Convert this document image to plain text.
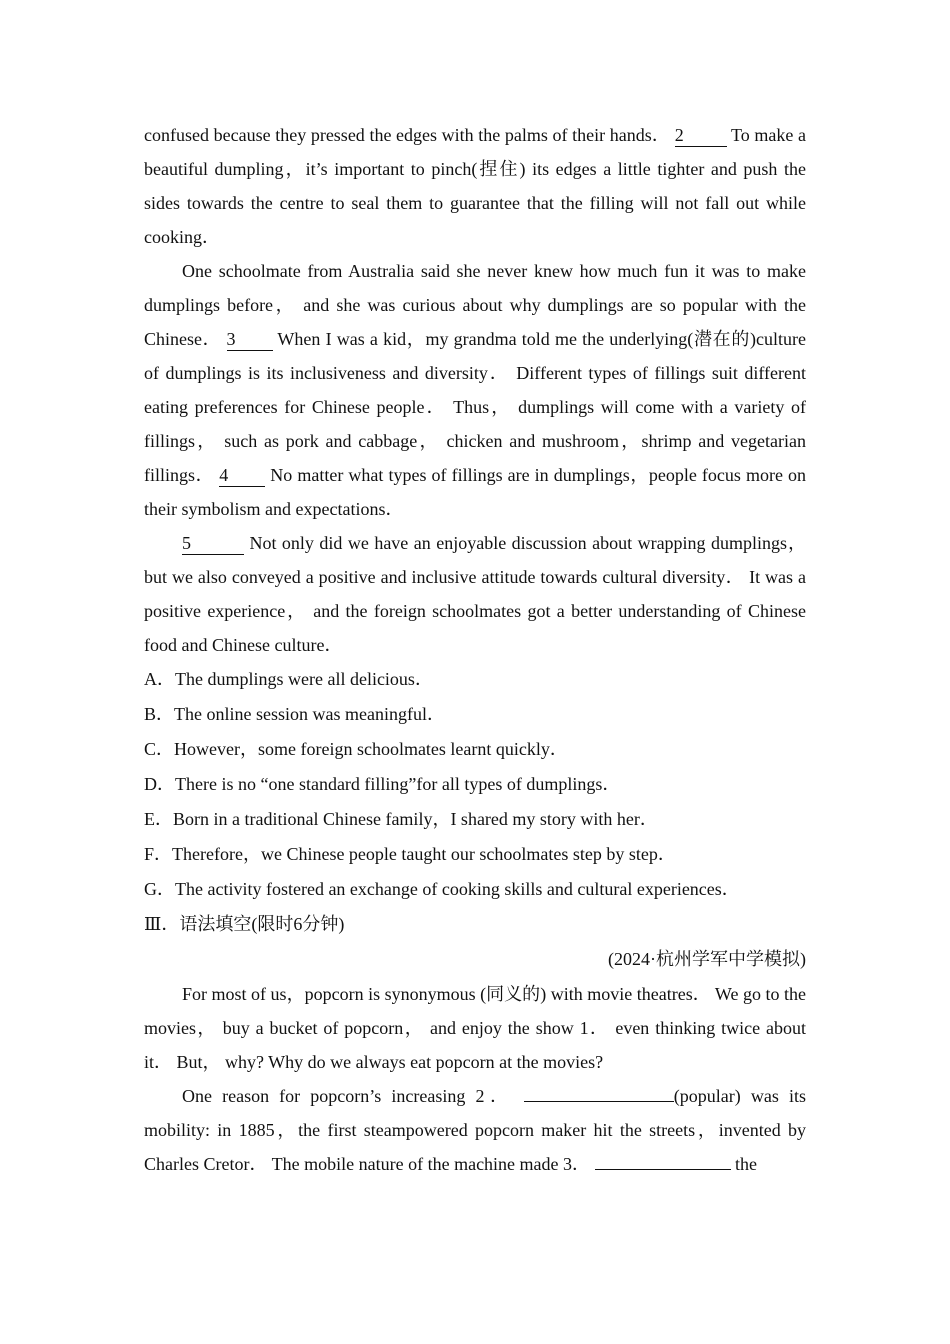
confused because they pressed the edges with the palms of their hands． 2	To make a beautiful dumpling，it’s important to pinch(捏住) its edges a little tighter and push the sides towards the centre to seal them to guarantee that the filling will not fall out while cooking．

One schoolmate from Australia said she never knew how much fun it was to make dumplings before， and she was curious about why dumplings are so popular with the Chinese． 3 When I was a kid，my grandma told me the underlying(潜在的)culture of dumplings is its inclusiveness and diversity． Different types of fillings suit different eating preferences for Chinese people． Thus， dumplings will come with a variety of fillings， such as pork and cabbage， chicken and mushroom，shrimp and vegetarian fillings． 4 No matter what types of fillings are in dumplings，people focus more on their symbolism and expectations．

5	Not only did we have an enjoyable discussion about wrapping dumplings， but we also conveyed a positive and inclusive attitude towards cultural diversity． It was a positive experience， and the foreign schoolmates got a better understanding of Chinese food and Chinese culture．

A．The dumplings were all delicious．

B．The online session was meaningful．

C．However，some foreign schoolmates learnt quickly．

D．There is no “one standard filling”for all types of dumplings．

E．Born in a traditional Chinese family，I shared my story with her．

F．Therefore，we Chinese people taught our schoolmates step by step．

G．The activity fostered an exchange of cooking skills and cultural experiences．

Ⅲ．语法填空(限时6分钟)

(2024·杭州学军中学模拟)

For most of us，popcorn is synonymous (同义的) with movie theatres． We go to the movies， buy a bucket of popcorn， and enjoy the show 1． even thinking twice about it． But， why? Why do we always eat popcorn at the movies?

One reason for popcorn’s increasing 2．	(popular) was its mobility: in 1885，the first steampowered popcorn maker hit the streets，invented by Charles Cretor． The mobile nature of the machine made 3．	the
